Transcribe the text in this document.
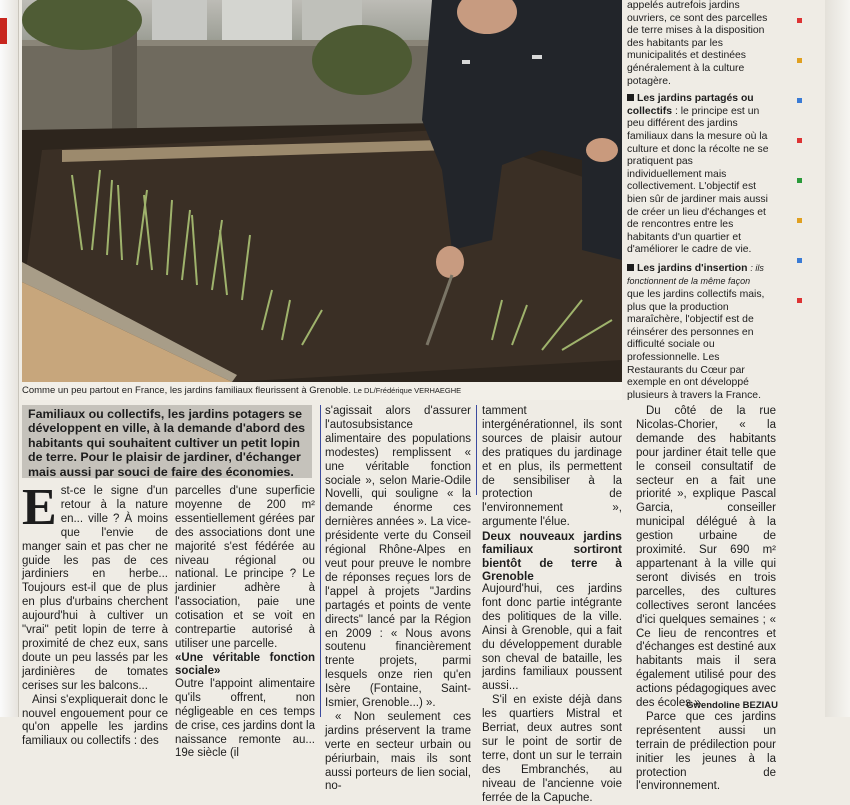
Comme un peu partout en France, les jardins familiaux fleurissent à Grenoble. Le DL/Frédérique VERHAEGHE

appelés autrefois jardins ouvriers, ce sont des parcelles de terre mises à la disposition des habitants par les municipalités et destinées généralement à la culture potagère.

Les jardins partagés ou collectifs : le principe est un peu différent des jardins familiaux dans la mesure où la culture et donc la récolte ne se pratiquent pas individuellement mais collectivement. L'objectif est bien sûr de jardiner mais aussi de créer un lieu d'échanges et de rencontres entre les habitants d'un quartier et d'améliorer le cadre de vie.

Les jardins d'insertion : ils fonctionnent de la même façon que les jardins collectifs mais, plus que la production maraîchère, l'objectif est de réinsérer des personnes en difficulté sociale ou professionnelle. Les Restaurants du Cœur par exemple en ont développé plusieurs à travers la France.

Familiaux ou collectifs, les jardins potagers se développent en ville, à la demande d'abord des habitants qui souhaitent cultiver un petit lopin de terre. Pour le plaisir de jardiner, d'échanger mais aussi par souci de faire des économies.

Est-ce le signe d'un retour à la nature en... ville ? À moins que l'envie de manger sain et pas cher ne guide les pas de ces jardiniers en herbe... Toujours est-il que de plus en plus d'urbains cherchent aujourd'hui à cultiver un "vrai" petit lopin de terre à proximité de chez eux, sans doute un peu lassés par les jardinières de tomates cerises sur les balcons...

Ainsi s'expliquerait donc le nouvel engouement pour ce qu'on appelle les jardins familiaux ou collectifs : des

parcelles d'une superficie moyenne de 200 m² essentiellement gérées par des associations dont une majorité s'est fédérée au niveau régional ou national. Le principe ? Le jardinier adhère à l'association, paie une cotisation et se voit en contrepartie autorisé à utiliser une parcelle.

«Une véritable fonction sociale»

Outre l'appoint alimentaire qu'ils offrent, non négligeable en ces temps de crise, ces jardins dont la naissance remonte au... 19e siècle (il

s'agissait alors d'assurer l'autosubsistance alimentaire des populations modestes) remplissent « une véritable fonction sociale », selon Marie-Odile Novelli, qui souligne « la demande énorme ces dernières années ». La vice-présidente verte du Conseil régional Rhône-Alpes en veut pour preuve le nombre de réponses reçues lors de l'appel à projets "Jardins partagés et points de vente directs" lancé par la Région en 2009 : « Nous avons soutenu financièrement trente projets, parmi lesquels onze rien qu'en Isère (Fontaine, Saint-Ismier, Grenoble...) ».

« Non seulement ces jardins préservent la trame verte en secteur urbain ou périurbain, mais ils sont aussi porteurs de lien social, no-

tamment intergénérationnel, ils sont sources de plaisir autour des pratiques du jardinage et en plus, ils permettent de sensibiliser à la protection de l'environnement », argumente l'élue.

Deux nouveaux jardins familiaux sortiront bientôt de terre à Grenoble

Aujourd'hui, ces jardins font donc partie intégrante des politiques de la ville. Ainsi à Grenoble, qui a fait du développement durable son cheval de bataille, les jardins familiaux poussent aussi...

S'il en existe déjà dans les quartiers Mistral et Berriat, deux autres sont sur le point de sortir de terre, dont un sur le terrain des Embranchés, au niveau de l'ancienne voie ferrée de la Capuche.

Du côté de la rue Nicolas-Chorier, « la demande des habitants pour jardiner était telle que le conseil consultatif de secteur en a fait une priorité », explique Pascal Garcia, conseiller municipal délégué à la gestion urbaine de proximité. Sur 690 m² appartenant à la ville qui seront divisés en trois parcelles, des cultures collectives seront lancées d'ici quelques semaines ; « Ce lieu de rencontres et d'échanges est destiné aux habitants mais il sera également utilisé pour des actions pédagogiques avec des écoles ».

Parce que ces jardins représentent aussi un terrain de prédilection pour initier les jeunes à la protection de l'environnement.

Gwendoline BEZIAU
